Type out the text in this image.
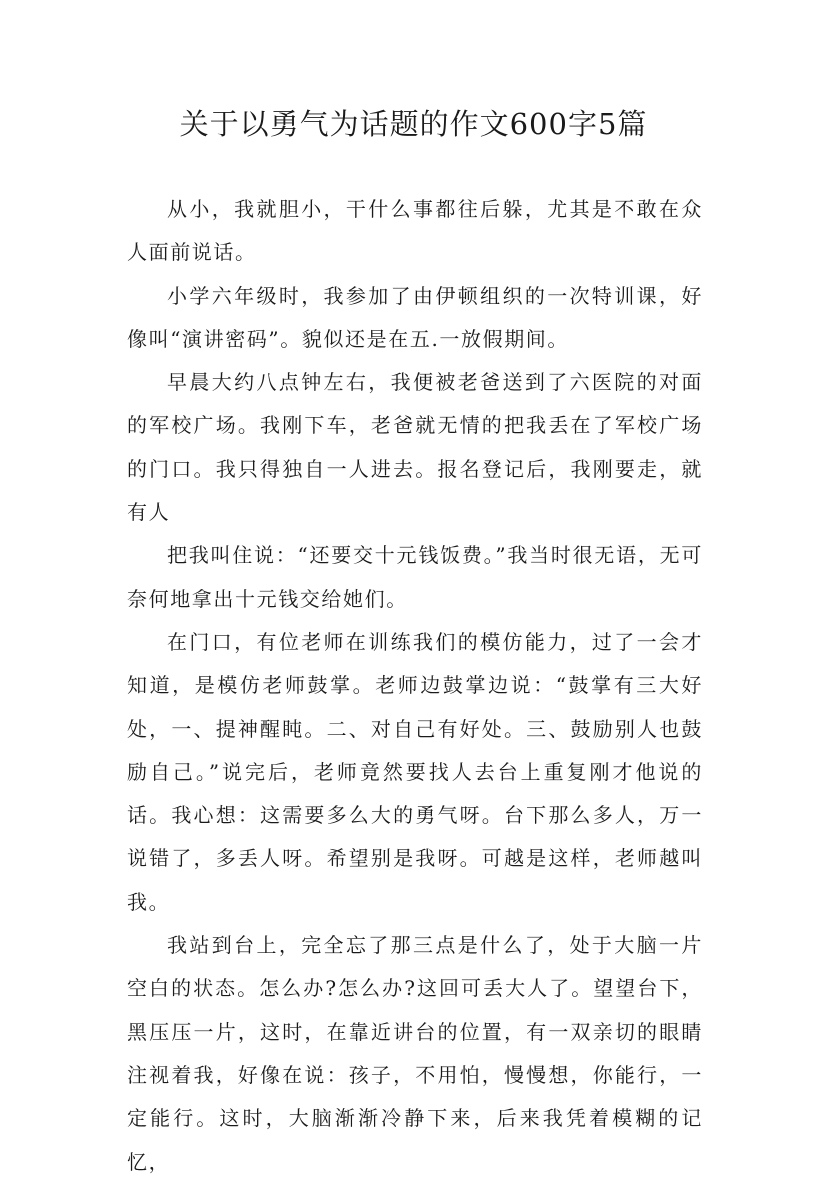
关于以勇气为话题的作文600字5篇

从小，我就胆小，干什么事都往后躲，尤其是不敢在众人面前说话。

小学六年级时，我参加了由伊顿组织的一次特训课，好像叫“演讲密码”。貌似还是在五.一放假期间。

早晨大约八点钟左右，我便被老爸送到了六医院的对面的军校广场。我刚下车，老爸就无情的把我丢在了军校广场的门口。我只得独自一人进去。报名登记后，我刚要走，就有人

把我叫住说：“还要交十元钱饭费。”我当时很无语，无可奈何地拿出十元钱交给她们。

在门口，有位老师在训练我们的模仿能力，过了一会才知道，是模仿老师鼓掌。老师边鼓掌边说：“鼓掌有三大好处，一、提神醒盹。二、对自己有好处。三、鼓励别人也鼓励自己。”说完后，老师竟然要找人去台上重复刚才他说的话。我心想：这需要多么大的勇气呀。台下那么多人，万一说错了，多丢人呀。希望别是我呀。可越是这样，老师越叫我。

我站到台上，完全忘了那三点是什么了，处于大脑一片空白的状态。怎么办?怎么办?这回可丢大人了。望望台下，黑压压一片，这时，在靠近讲台的位置，有一双亲切的眼睛注视着我，好像在说：孩子，不用怕，慢慢想，你能行，一定能行。这时，大脑渐渐冷静下来，后来我凭着模糊的记忆，
